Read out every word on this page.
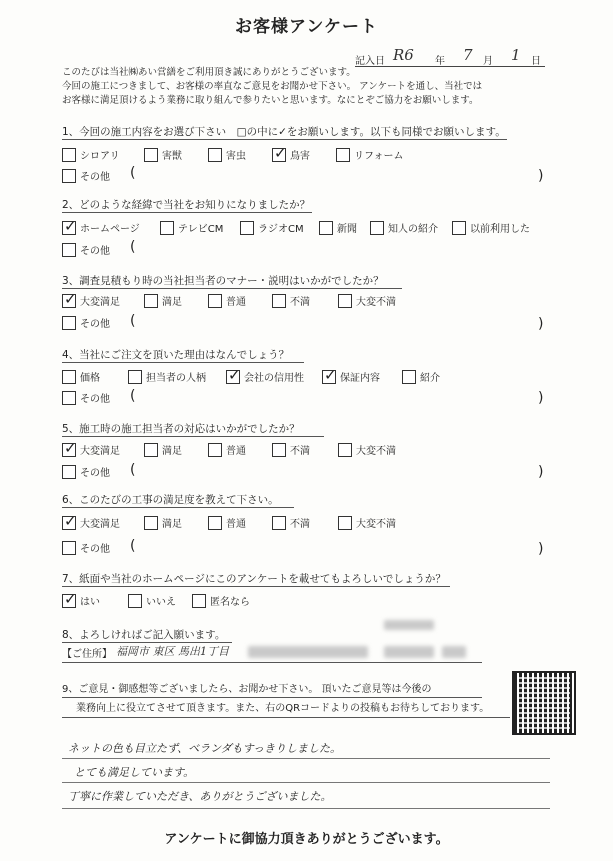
お客様アンケート
記入日 R6 年 7 月 1 日
このたびは当社㈱あい営繕をご利用頂き誠にありがとうございます。
今回の施工につきまして、お客様の率直なご意見をお聞かせ下さい。 アンケートを通し、当社では
お客様に満足頂けるよう業務に取り組んで参りたいと思います。なにとぞご協力をお願いします。
1、今回の施工内容をお選び下さい　□の中に✓をお願いします。以下も同様でお願いします。
シロアリ	害獣	害虫 ✓	鳥害	リフォーム
その他 (	)
2、どのような経緯で当社をお知りになりましたか？
✓
ホームページ	テレビCM	ラジオCM	新聞	知人の紹介	以前利用した
その他 (
3、調査見積もり時の当社担当者のマナー・説明はいかがでしたか？
✓
大変満足	満足	普通	不満	大変不満
その他 (	)
4、当社にご注文を頂いた理由はなんでしょう？
価格	担当者の人柄 ✓	会社の信用性 ✓	保証内容	紹介
その他 (	)
5、施工時の施工担当者の対応はいかがでしたか？
✓
大変満足	満足	普通	不満	大変不満
その他 (	)
6、このたびの工事の満足度を教えて下さい。
✓
大変満足	満足	普通	不満	大変不満
その他 (	)
7、紙面や当社のホームページにこのアンケートを載せてもよろしいでしょうか？
✓
はい	いいえ	匿名なら
8、よろしければご記入願います。
【ご住所】 福岡市 東区 馬出1丁目
9、ご意見・御感想等ございましたら、お聞かせ下さい。 頂いたご意見等は今後の
業務向上に役立てさせて頂きます。また、右のQRコードよりの投稿もお待ちしております。
ネットの色も目立たず、ベランダもすっきりしました。
とても満足しています。
丁寧に作業していただき、ありがとうございました。
アンケートに御協力頂きありがとうございます。
